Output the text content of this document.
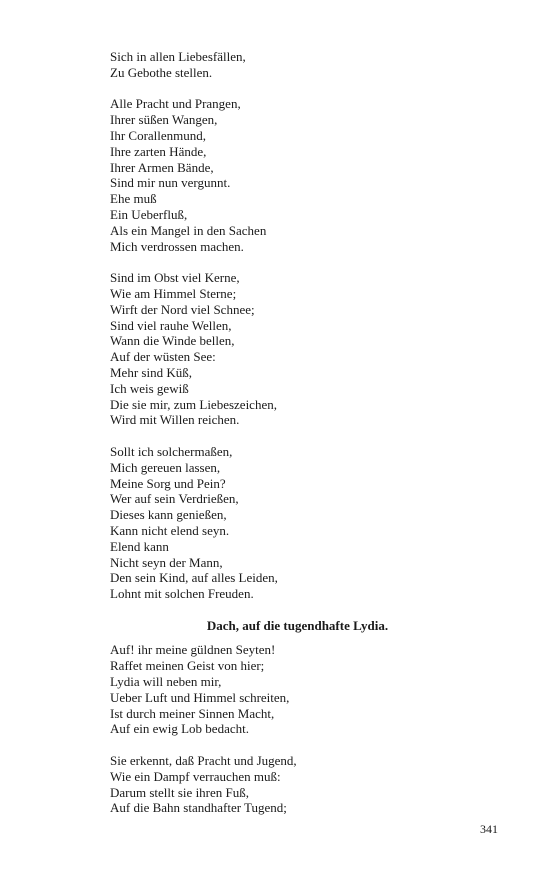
Sich in allen Liebesfällen,
Zu Gebothe stellen.
Alle Pracht und Prangen,
Ihrer süßen Wangen,
Ihr Corallenmund,
Ihre zarten Hände,
Ihrer Armen Bände,
Sind mir nun vergunnt.
Ehe muß
Ein Ueberfluß,
Als ein Mangel in den Sachen
Mich verdrossen machen.
Sind im Obst viel Kerne,
Wie am Himmel Sterne;
Wirft der Nord viel Schnee;
Sind viel rauhe Wellen,
Wann die Winde bellen,
Auf der wüsten See:
Mehr sind Küß,
Ich weis gewiß
Die sie mir, zum Liebeszeichen,
Wird mit Willen reichen.
Sollt ich solchermaßen,
Mich gereuen lassen,
Meine Sorg und Pein?
Wer auf sein Verdrießen,
Dieses kann genießen,
Kann nicht elend seyn.
Elend kann
Nicht seyn der Mann,
Den sein Kind, auf alles Leiden,
Lohnt mit solchen Freuden.
Dach, auf die tugendhafte Lydia.
Auf! ihr meine güldnen Seyten!
Raffet meinen Geist von hier;
Lydia will neben mir,
Ueber Luft und Himmel schreiten,
Ist durch meiner Sinnen Macht,
Auf ein ewig Lob bedacht.
Sie erkennt, daß Pracht und Jugend,
Wie ein Dampf verrauchen muß:
Darum stellt sie ihren Fuß,
Auf die Bahn standhafter Tugend;
341
